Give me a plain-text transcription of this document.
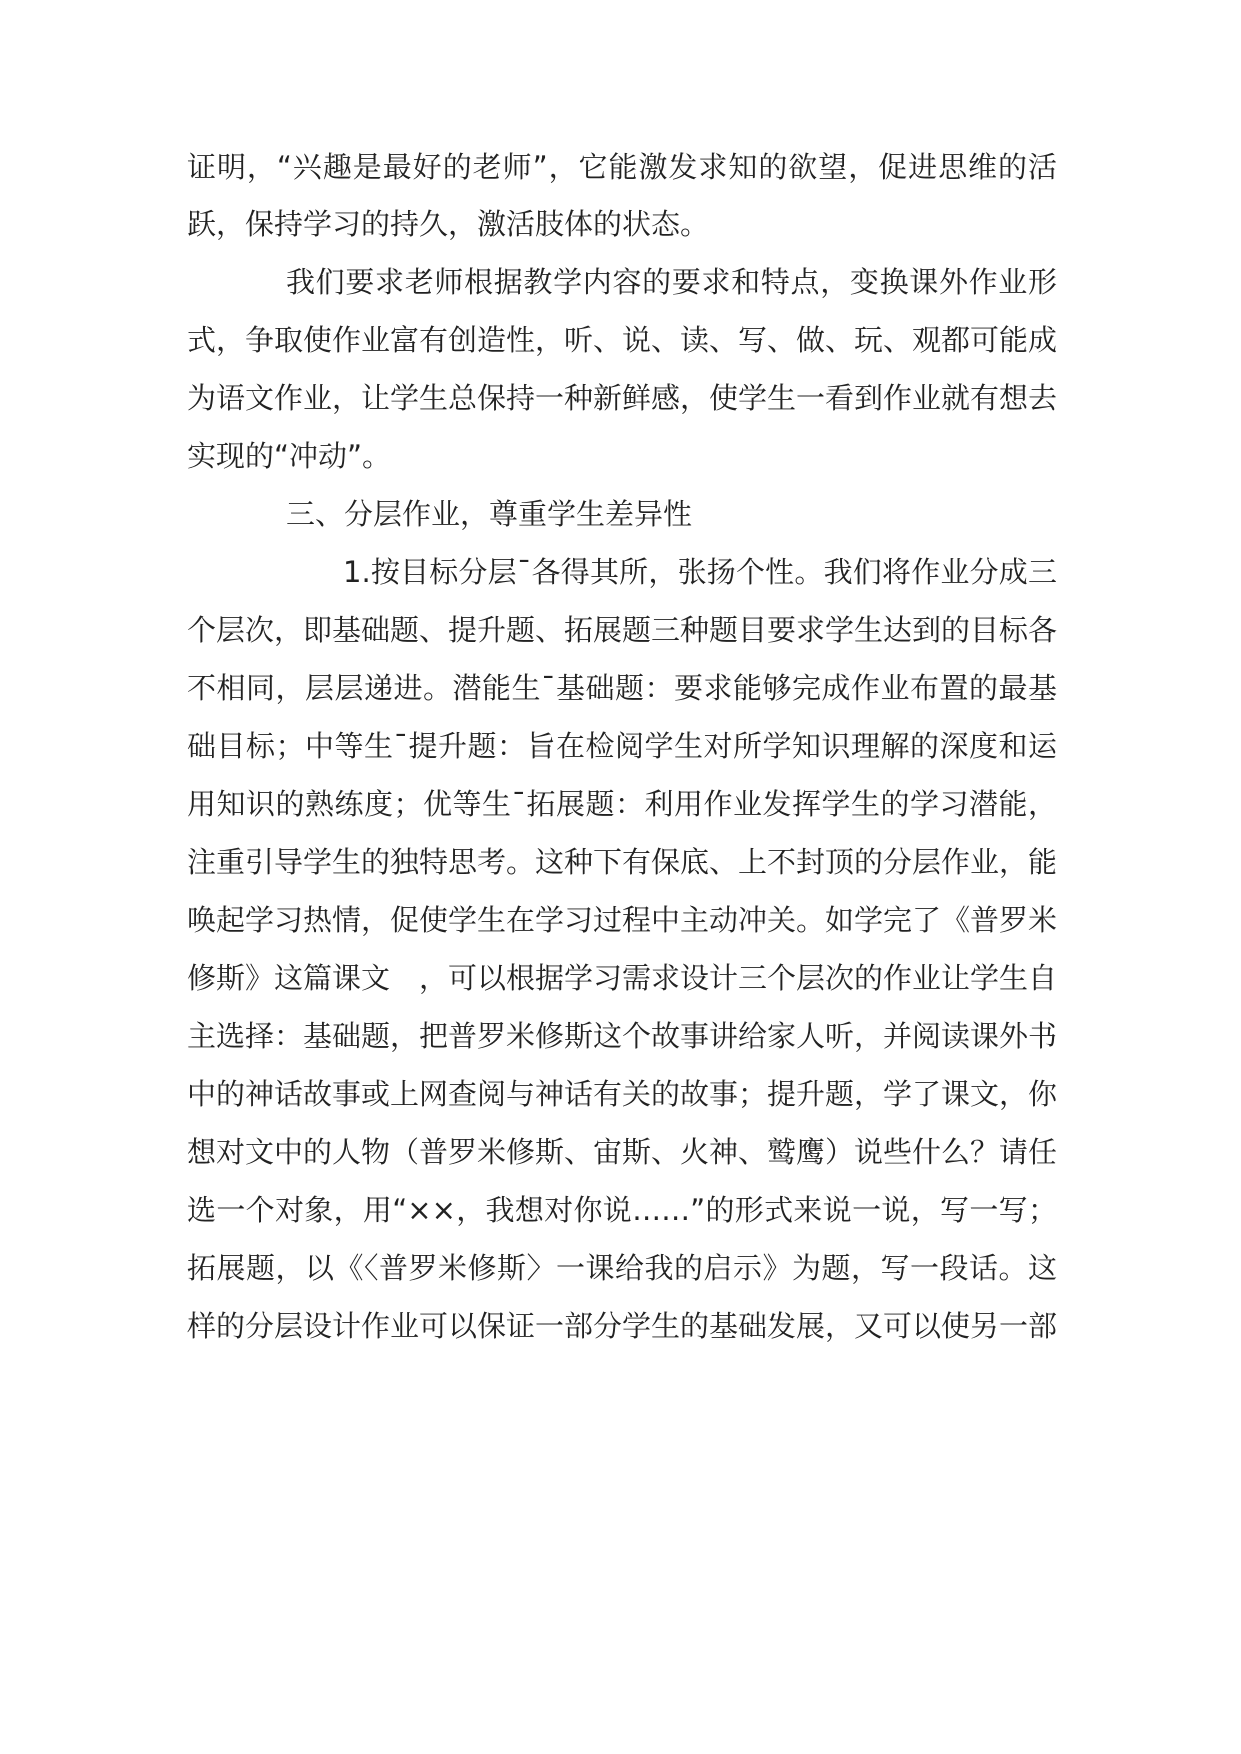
证明，“兴趣是最好的老师”，它能激发求知的欲望，促进思维的活
跃，保持学习的持久，激活肢体的状态。
我们要求老师根据教学内容的要求和特点，变换课外作业形
式，争取使作业富有创造性，听、说、读、写、做、玩、观都可能成
为语文作业，让学生总保持一种新鲜感，使学生一看到作业就有想去
实现的“冲动”。
三、分层作业，尊重学生差异性
1.按目标分层¯各得其所，张扬个性。我们将作业分成三
个层次，即基础题、提升题、拓展题三种题目要求学生达到的目标各
不相同，层层递进。潜能生¯基础题：要求能够完成作业布置的最基
础目标；中等生¯提升题：旨在检阅学生对所学知识理解的深度和运
用知识的熟练度；优等生¯拓展题：利用作业发挥学生的学习潜能，
注重引导学生的独特思考。这种下有保底、上不封顶的分层作业，能
唤起学习热情，促使学生在学习过程中主动冲关。如学完了《普罗米
修斯》这篇课文　，可以根据学习需求设计三个层次的作业让学生自
主选择：基础题，把普罗米修斯这个故事讲给家人听，并阅读课外书
中的神话故事或上网查阅与神话有关的故事；提升题，学了课文，你
想对文中的人物（普罗米修斯、宙斯、火神、鹫鹰）说些什么？请任
选一个对象，用“××，我想对你说……”的形式来说一说，写一写；
拓展题，以《〈普罗米修斯〉一课给我的启示》为题，写一段话。这
样的分层设计作业可以保证一部分学生的基础发展，又可以使另一部
